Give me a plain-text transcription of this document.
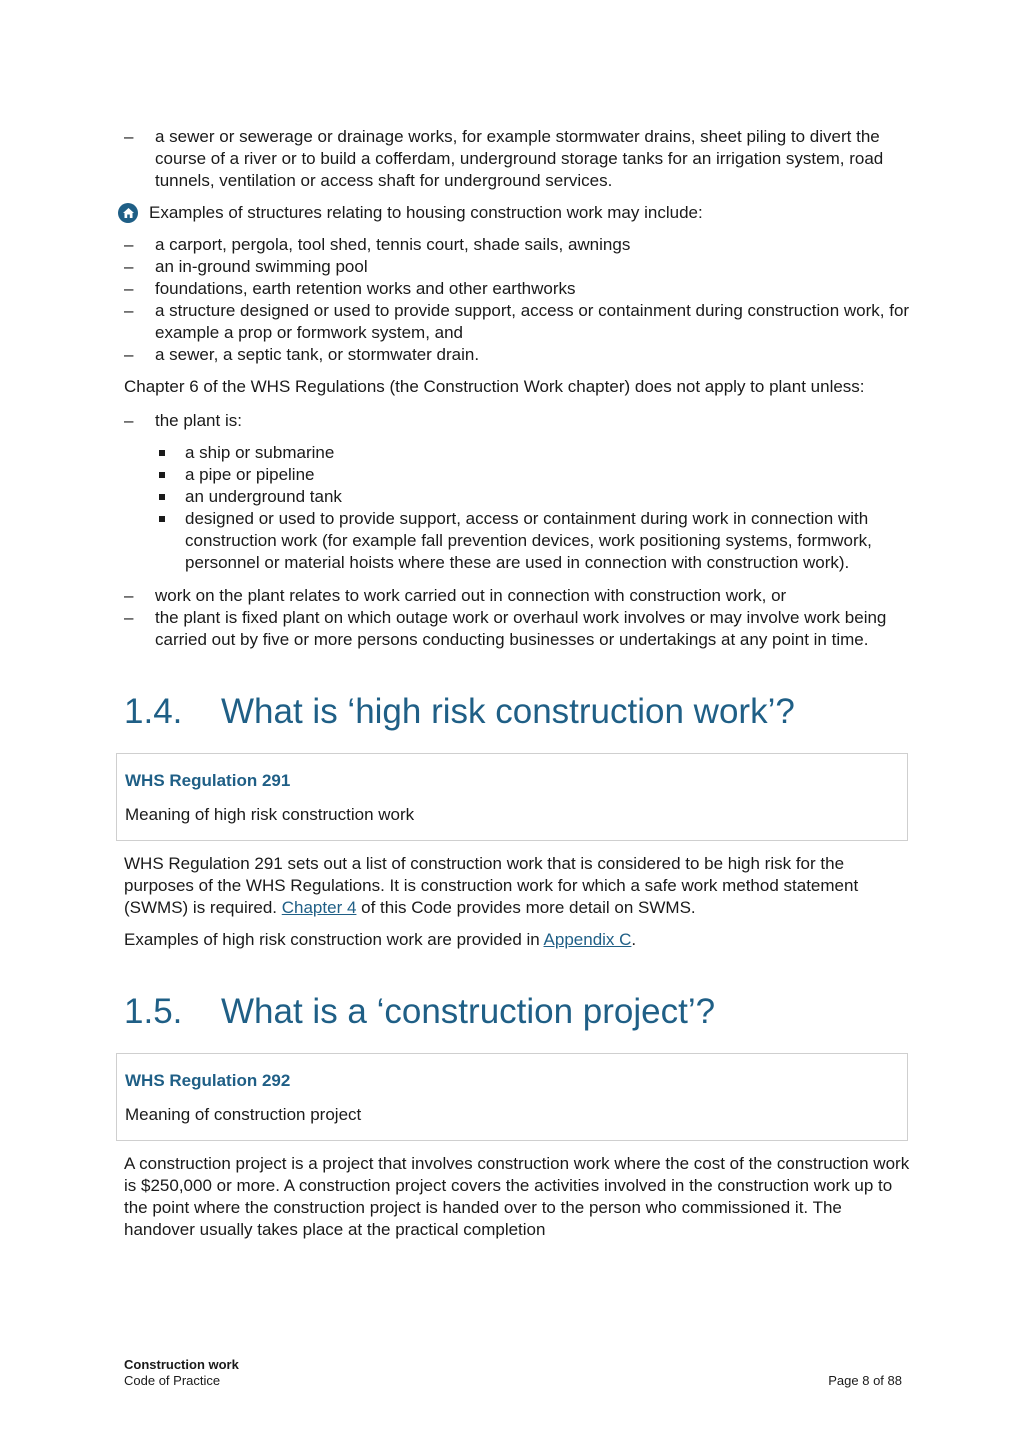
– a sewer or sewerage or drainage works, for example stormwater drains, sheet piling to divert the course of a river or to build a cofferdam, underground storage tanks for an irrigation system, road tunnels, ventilation or access shaft for underground services.
Examples of structures relating to housing construction work may include:
– a carport, pergola, tool shed, tennis court, shade sails, awnings
– an in-ground swimming pool
– foundations, earth retention works and other earthworks
– a structure designed or used to provide support, access or containment during construction work, for example a prop or formwork system, and
– a sewer, a septic tank, or stormwater drain.

Chapter 6 of the WHS Regulations (the Construction Work chapter) does not apply to plant unless:

– the plant is:
a ship or submarine
a pipe or pipeline
an underground tank
designed or used to provide support, access or containment during work in connection with construction work (for example fall prevention devices, work positioning systems, formwork, personnel or material hoists where these are used in connection with construction work).
– work on the plant relates to work carried out in connection with construction work, or
– the plant is fixed plant on which outage work or overhaul work involves or may involve work being carried out by five or more persons conducting businesses or undertakings at any point in time.
1.4.	What is ‘high risk construction work’?

WHS Regulation 291

Meaning of high risk construction work

WHS Regulation 291 sets out a list of construction work that is considered to be high risk for the purposes of the WHS Regulations. It is construction work for which a safe work method statement (SWMS) is required. Chapter 4 of this Code provides more detail on SWMS.

Examples of high risk construction work are provided in Appendix C.

1.5.	What is a ‘construction project’?

WHS Regulation 292

Meaning of construction project

A construction project is a project that involves construction work where the cost of the construction work is $250,000 or more. A construction project covers the activities involved in the construction work up to the point where the construction project is handed over to the person who commissioned it. The handover usually takes place at the practical completion

Construction work
Code of Practice	Page 8 of 88
